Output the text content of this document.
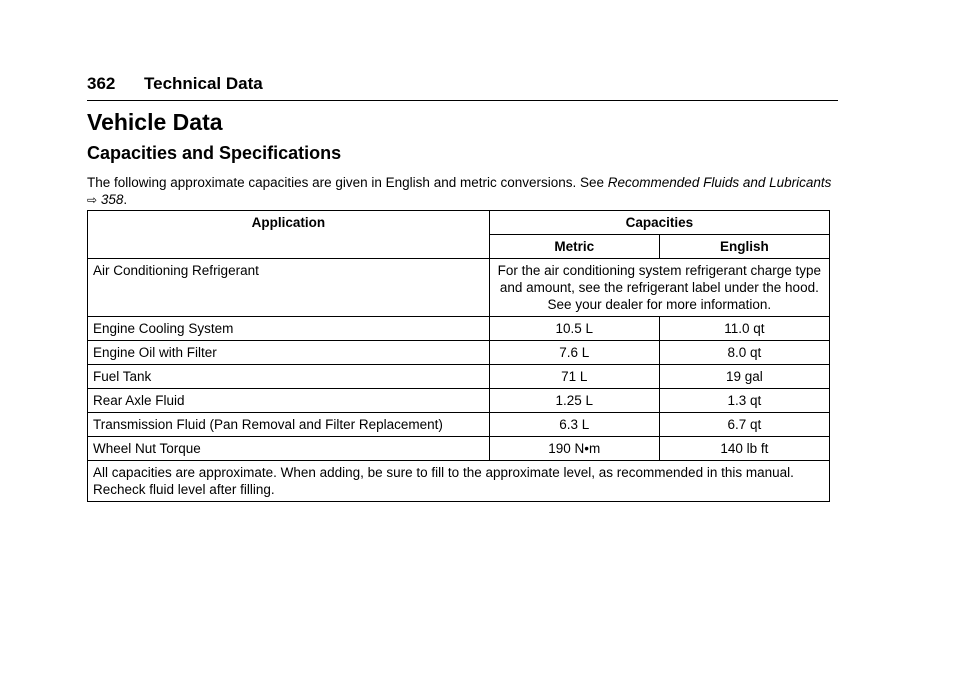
362 Technical Data
Vehicle Data
Capacities and Specifications

The following approximate capacities are given in English and metric conversions. See Recommended Fluids and Lubricants ⇨ 358.

Application	Capacities	
	Metric	English
Air Conditioning Refrigerant	For the air conditioning system refrigerant charge type and amount, see the refrigerant label under the hood. See your dealer for more information.	
Engine Cooling System	10.5 L	11.0 qt
Engine Oil with Filter	7.6 L	8.0 qt
Fuel Tank	71 L	19 gal
Rear Axle Fluid	1.25 L	1.3 qt
Transmission Fluid (Pan Removal and Filter Replacement)	6.3 L	6.7 qt
Wheel Nut Torque	190 N•m	140 lb ft
All capacities are approximate. When adding, be sure to fill to the approximate level, as recommended in this manual. Recheck fluid level after filling.		
